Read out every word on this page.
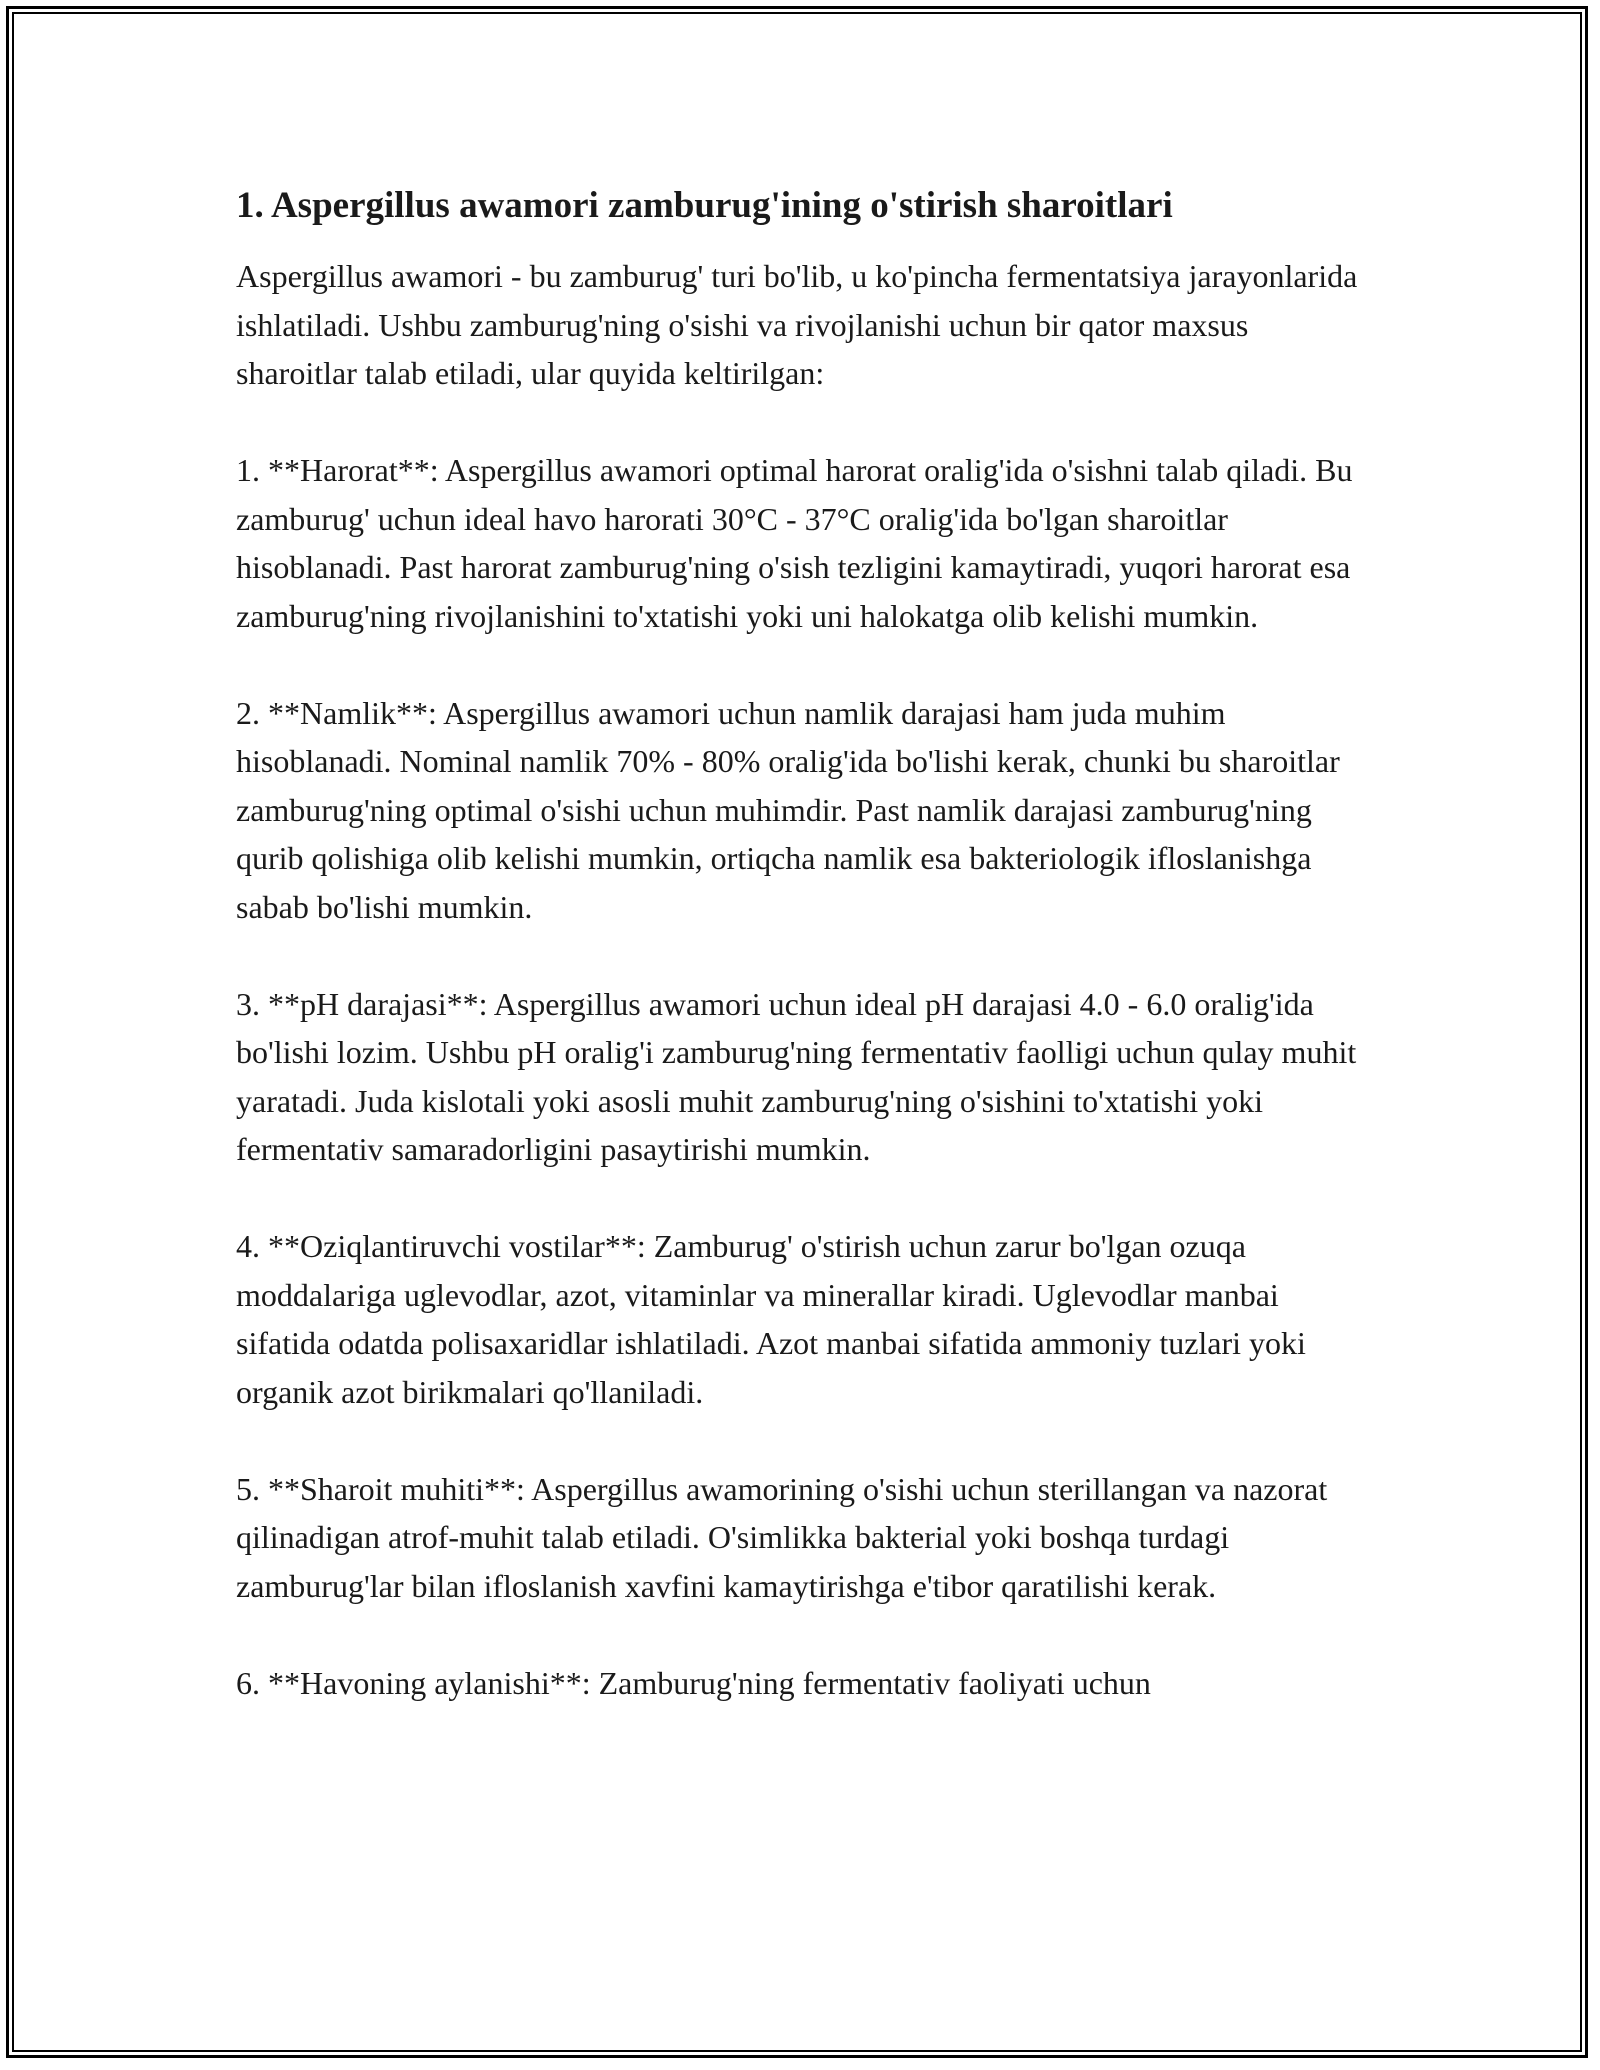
1. Aspergillus awamori zamburug'ining o'stirish sharoitlari

Aspergillus awamori - bu zamburug' turi bo'lib, u ko'pincha fermentatsiya jarayonlarida ishlatiladi. Ushbu zamburug'ning o'sishi va rivojlanishi uchun bir qator maxsus sharoitlar talab etiladi, ular quyida keltirilgan:

1. **Harorat**: Aspergillus awamori optimal harorat oralig'ida o'sishni talab qiladi. Bu zamburug' uchun ideal havo harorati 30°C - 37°C oralig'ida bo'lgan sharoitlar hisoblanadi. Past harorat zamburug'ning o'sish tezligini kamaytiradi, yuqori harorat esa zamburug'ning rivojlanishini to'xtatishi yoki uni halokatga olib kelishi mumkin.

2. **Namlik**: Aspergillus awamori uchun namlik darajasi ham juda muhim hisoblanadi. Nominal namlik 70% - 80% oralig'ida bo'lishi kerak, chunki bu sharoitlar zamburug'ning optimal o'sishi uchun muhimdir. Past namlik darajasi zamburug'ning qurib qolishiga olib kelishi mumkin, ortiqcha namlik esa bakteriologik ifloslanishga sabab bo'lishi mumkin.

3. **pH darajasi**: Aspergillus awamori uchun ideal pH darajasi 4.0 - 6.0 oralig'ida bo'lishi lozim. Ushbu pH oralig'i zamburug'ning fermentativ faolligi uchun qulay muhit yaratadi. Juda kislotali yoki asosli muhit zamburug'ning o'sishini to'xtatishi yoki fermentativ samaradorligini pasaytirishi mumkin.

4. **Oziqlantiruvchi vostilar**: Zamburug' o'stirish uchun zarur bo'lgan ozuqa moddalariga uglevodlar, azot, vitaminlar va minerallar kiradi. Uglevodlar manbai sifatida odatda polisaxaridlar ishlatiladi. Azot manbai sifatida ammoniy tuzlari yoki organik azot birikmalari qo'llaniladi.

5. **Sharoit muhiti**: Aspergillus awamorining o'sishi uchun sterillangan va nazorat qilinadigan atrof-muhit talab etiladi. O'simlikka bakterial yoki boshqa turdagi zamburug'lar bilan ifloslanish xavfini kamaytirishga e'tibor qaratilishi kerak.

6. **Havoning aylanishi**: Zamburug'ning fermentativ faoliyati uchun
